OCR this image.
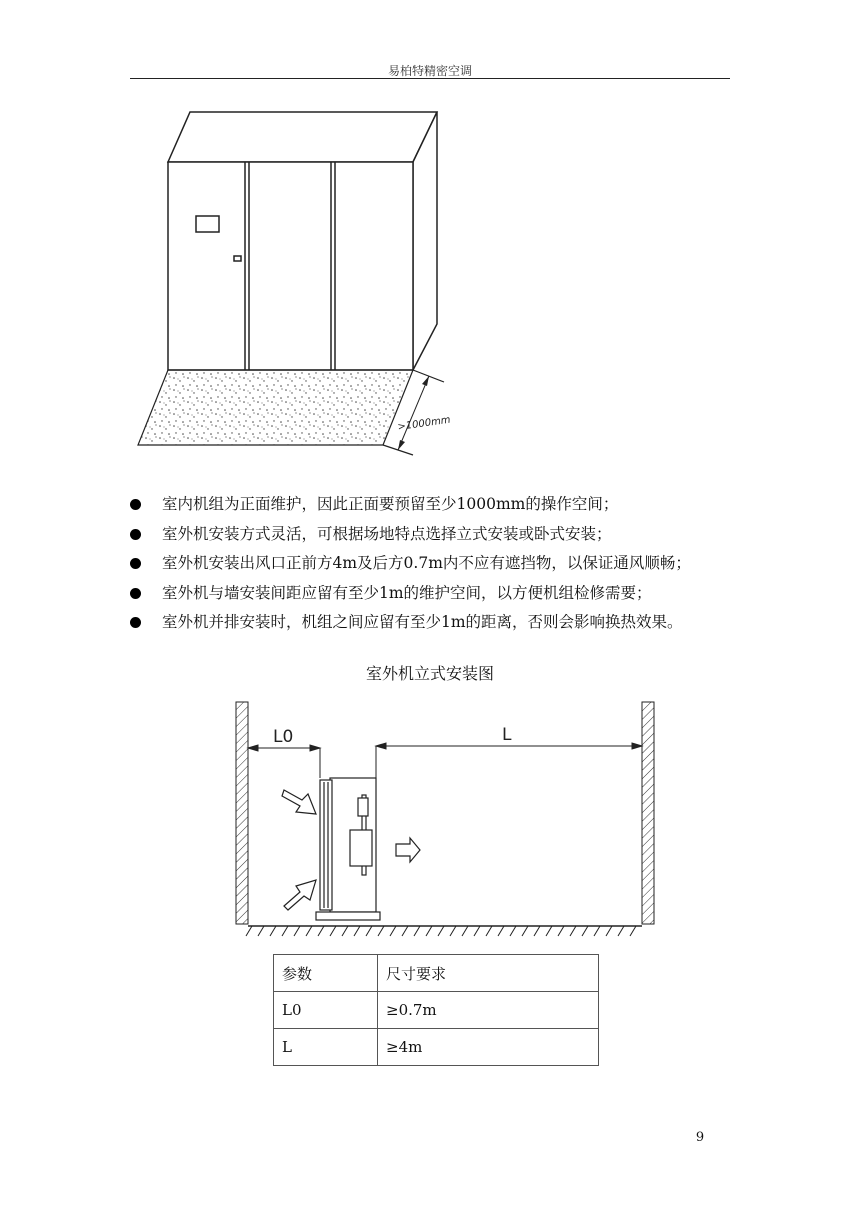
易柏特精密空调
>1000mm
室内机组为正面维护，因此正面要预留至少1000mm的操作空间；
室外机安装方式灵活，可根据场地特点选择立式安装或卧式安装；
室外机安装出风口正前方4m及后方0.7m内不应有遮挡物，以保证通风顺畅；
室外机与墙安装间距应留有至少1m的维护空间，以方便机组检修需要；
室外机并排安装时，机组之间应留有至少1m的距离，否则会影响换热效果。
室外机立式安装图
L0	L
参数	尺寸要求
L0	≥0.7m
L	≥4m
9
